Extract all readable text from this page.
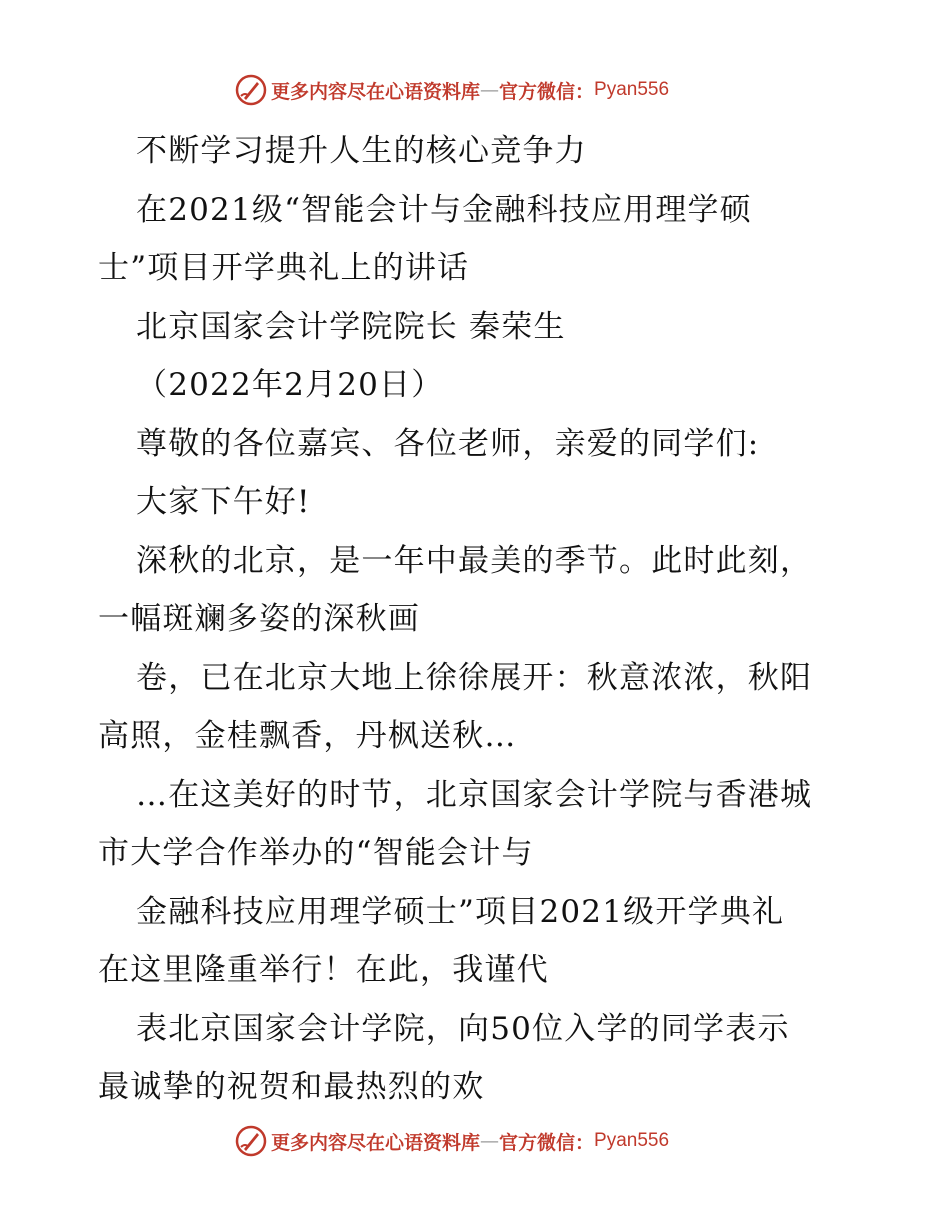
更多内容尽在心语资料库 — 官方微信： Pyan556
不断学习提升人生的核心竞争力
在2021级“智能会计与金融科技应用理学硕
士”项目开学典礼上的讲话
北京国家会计学院院长 秦荣生
（2022年2月20日）
尊敬的各位嘉宾、各位老师，亲爱的同学们:
大家下午好!
深秋的北京，是一年中最美的季节。此时此刻，
一幅斑斓多姿的深秋画
卷，已在北京大地上徐徐展开：秋意浓浓，秋阳
高照，金桂飘香，丹枫送秋…
…在这美好的时节，北京国家会计学院与香港城
市大学合作举办的“智能会计与
金融科技应用理学硕士”项目2021级开学典礼
在这里隆重举行！在此，我谨代
表北京国家会计学院，向50位入学的同学表示
最诚挚的祝贺和最热烈的欢
更多内容尽在心语资料库 — 官方微信： Pyan556
